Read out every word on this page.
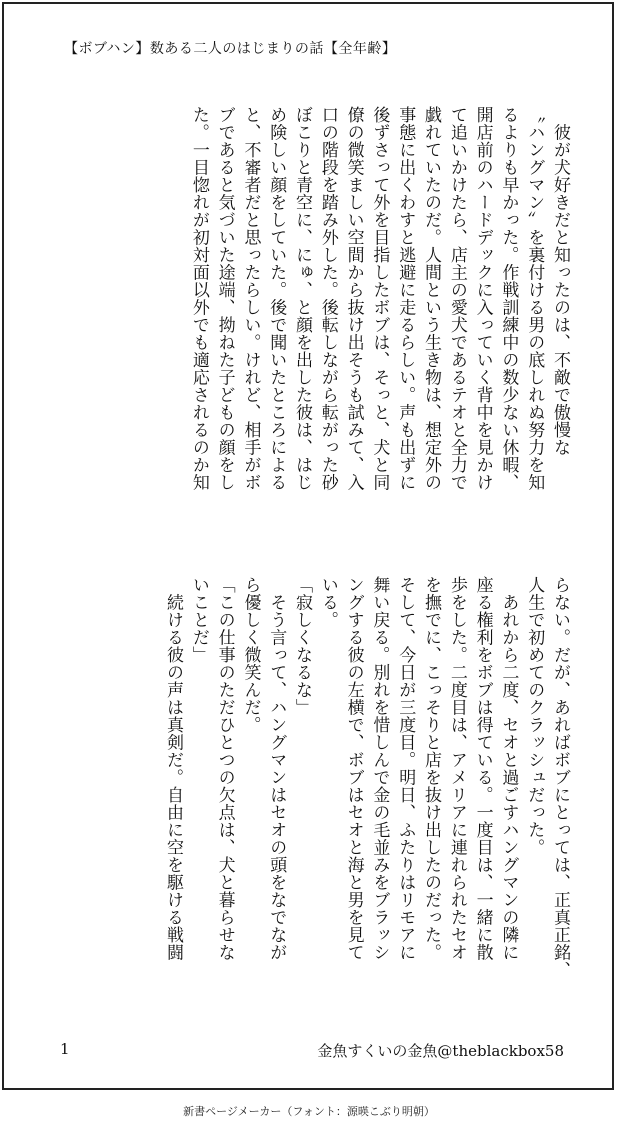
【ボブハン】数ある二人のはじまりの話【全年齢】

　彼が犬好きだと知ったのは、不敵で傲慢な
〝ハングマン〟を裏付ける男の底しれぬ努力を知
るよりも早かった。作戦訓練中の数少ない休暇、
開店前のハードデックに入っていく背中を見かけ
て追いかけたら、店主の愛犬であるテオと全力で
戯れていたのだ。人間という生き物は、想定外の
事態に出くわすと逃避に走るらしい。声も出ずに
後ずさって外を目指したボブは、そっと、犬と同
僚の微笑ましい空間から抜け出そうも試みて、入
口の階段を踏み外した。後転しながら転がった砂
ぼこりと青空に、にゅ、と顔を出した彼は、はじ
め険しい顔をしていた。後で聞いたところによる
と、不審者だと思ったらしい。けれど、相手がボ
ブであると気づいた途端、拗ねた子どもの顔をし
た。一目惚れが初対面以外でも適応されるのか知

らない。だが、あればボブにとっては、正真正銘、
人生で初めてのクラッシュだった。
　あれから二度、セオと過ごすハングマンの隣に
座る権利をボブは得ている。一度目は、一緒に散
歩をした。二度目は、アメリアに連れられたセオ
を撫でに、こっそりと店を抜け出したのだった。
そして、今日が三度目。明日、ふたりはリモアに
舞い戻る。別れを惜しんで金の毛並みをブラッシ
ングする彼の左横で、ボブはセオと海と男を見て
いる。
「寂しくなるな」
　そう言って、ハングマンはセオの頭をなでなが
ら優しく微笑んだ。
「この仕事のただひとつの欠点は、犬と暮らせな
いことだ」
　続ける彼の声は真剣だ。自由に空を駆ける戦闘

1	金魚すくいの金魚@theblackbox58
新書ページメーカー（フォント：源暎こぶり明朝）
